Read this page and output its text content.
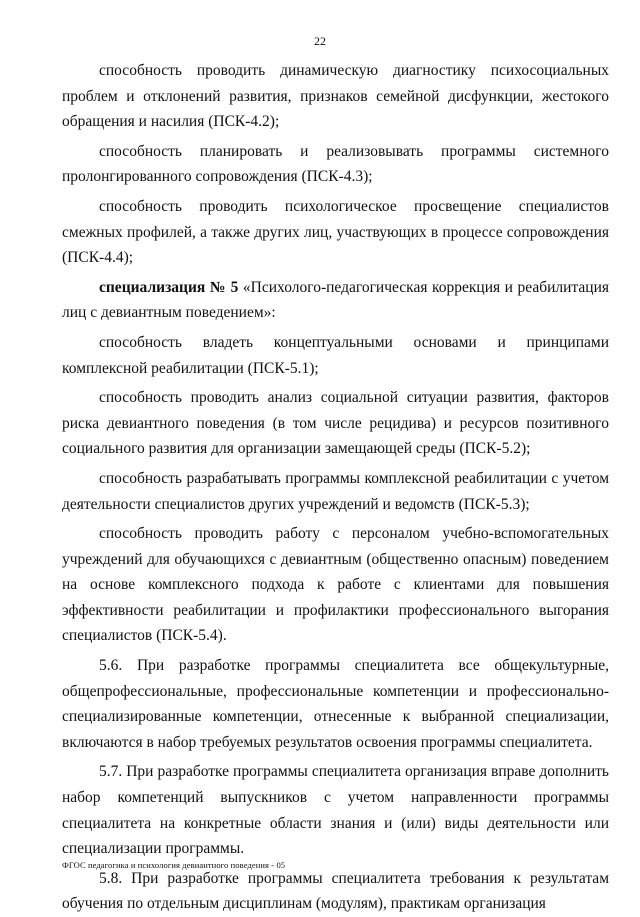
22

способность проводить динамическую диагностику психосоциальных проблем и отклонений развития, признаков семейной дисфункции, жестокого обращения и насилия (ПСК-4.2);

способность планировать и реализовывать программы системного пролонгированного сопровождения (ПСК-4.3);

способность проводить психологическое просвещение специалистов смежных профилей, а также других лиц, участвующих в процессе сопровождения (ПСК-4.4);

специализация № 5 «Психолого-педагогическая коррекция и реабилитация лиц с девиантным поведением»:

способность владеть концептуальными основами и принципами комплексной реабилитации (ПСК-5.1);

способность проводить анализ социальной ситуации развития, факторов риска девиантного поведения (в том числе рецидива) и ресурсов позитивного социального развития для организации замещающей среды (ПСК-5.2);

способность разрабатывать программы комплексной реабилитации с учетом деятельности специалистов других учреждений и ведомств (ПСК-5.3);

способность проводить работу с персоналом учебно-вспомогательных учреждений для обучающихся с девиантным (общественно опасным) поведением на основе комплексного подхода к работе с клиентами для повышения эффективности реабилитации и профилактики профессионального выгорания специалистов (ПСК-5.4).

5.6. При разработке программы специалитета все общекультурные, общепрофессиональные, профессиональные компетенции и профессионально-специализированные компетенции, отнесенные к выбранной специализации, включаются в набор требуемых результатов освоения программы специалитета.

5.7. При разработке программы специалитета организация вправе дополнить набор компетенций выпускников с учетом направленности программы специалитета на конкретные области знания и (или) виды деятельности или специализации программы.

5.8. При разработке программы специалитета требования к результатам обучения по отдельным дисциплинам (модулям), практикам организация

ФГОС педагогика и психология девиантного поведения - 05
